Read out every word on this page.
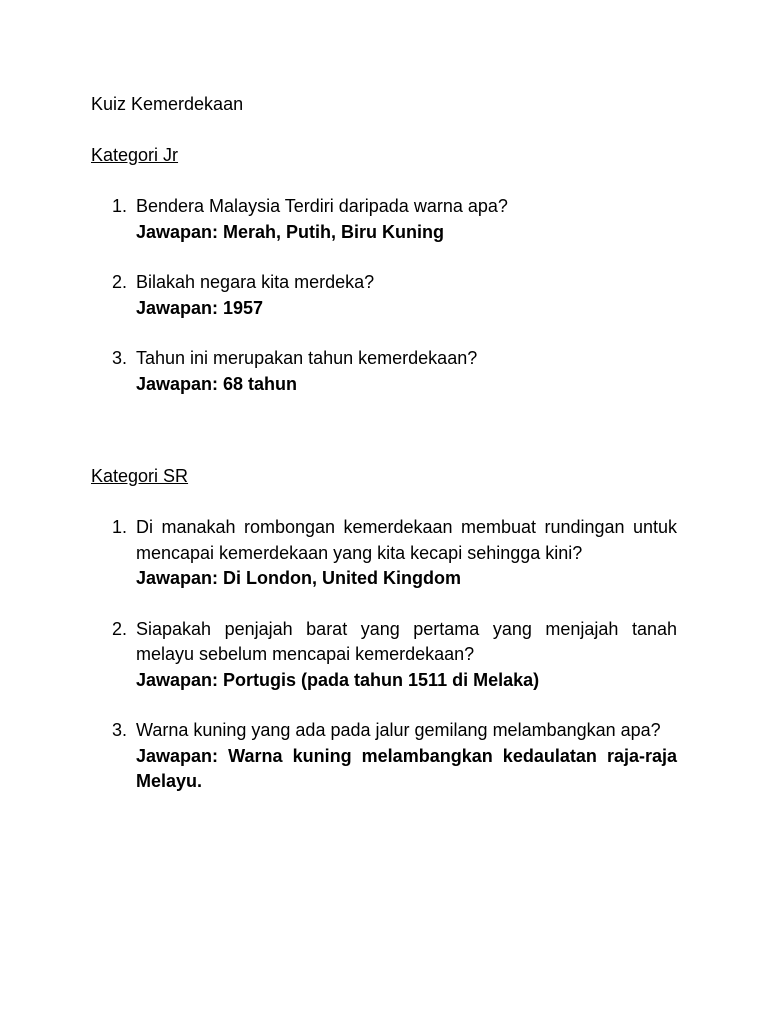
Kuiz Kemerdekaan
Kategori Jr
1. Bendera Malaysia Terdiri daripada warna apa?
Jawapan: Merah, Putih, Biru Kuning
2. Bilakah negara kita merdeka?
Jawapan: 1957
3. Tahun ini merupakan tahun kemerdekaan?
Jawapan: 68 tahun
Kategori SR
1. Di manakah rombongan kemerdekaan membuat rundingan untuk mencapai kemerdekaan yang kita kecapi sehingga kini?
Jawapan: Di London, United Kingdom
2. Siapakah penjajah barat yang pertama yang menjajah tanah melayu sebelum mencapai kemerdekaan?
Jawapan: Portugis (pada tahun 1511 di Melaka)
3. Warna kuning yang ada pada jalur gemilang melambangkan apa?
Jawapan: Warna kuning melambangkan kedaulatan raja-raja Melayu.
